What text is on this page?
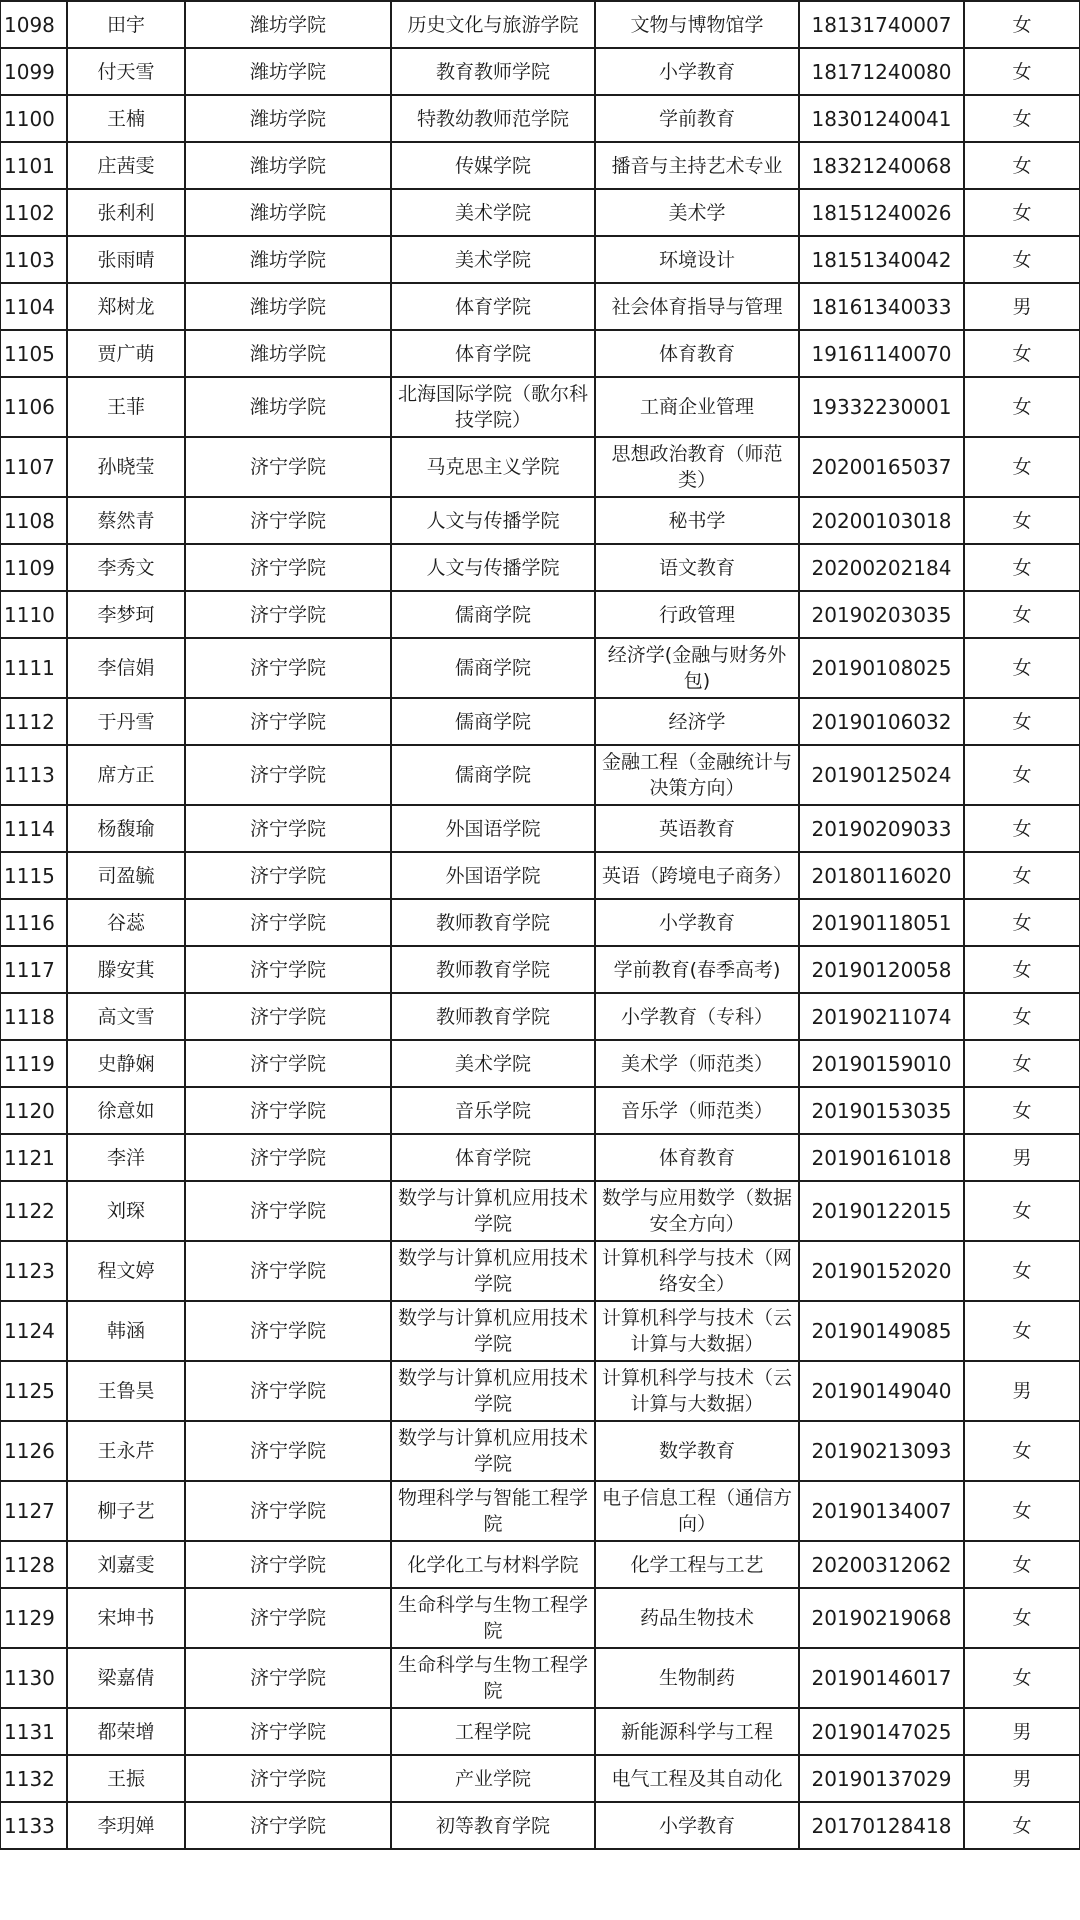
1098	田宇	潍坊学院	历史文化与旅游学院	文物与博物馆学	18131740007	女
1099	付天雪	潍坊学院	教育教师学院	小学教育	18171240080	女
1100	王楠	潍坊学院	特教幼教师范学院	学前教育	18301240041	女
1101	庄茜雯	潍坊学院	传媒学院	播音与主持艺术专业	18321240068	女
1102	张利利	潍坊学院	美术学院	美术学	18151240026	女
1103	张雨晴	潍坊学院	美术学院	环境设计	18151340042	女
1104	郑树龙	潍坊学院	体育学院	社会体育指导与管理	18161340033	男
1105	贾广萌	潍坊学院	体育学院	体育教育	19161140070	女
1106	王菲	潍坊学院	北海国际学院（歌尔科技学院）	工商企业管理	19332230001	女
1107	孙晓莹	济宁学院	马克思主义学院	思想政治教育（师范类）	20200165037	女
1108	蔡然青	济宁学院	人文与传播学院	秘书学	20200103018	女
1109	李秀文	济宁学院	人文与传播学院	语文教育	20200202184	女
1110	李梦珂	济宁学院	儒商学院	行政管理	20190203035	女
1111	李信娟	济宁学院	儒商学院	经济学(金融与财务外包)	20190108025	女
1112	于丹雪	济宁学院	儒商学院	经济学	20190106032	女
1113	席方正	济宁学院	儒商学院	金融工程（金融统计与决策方向）	20190125024	女
1114	杨馥瑜	济宁学院	外国语学院	英语教育	20190209033	女
1115	司盈毓	济宁学院	外国语学院	英语（跨境电子商务）	20180116020	女
1116	谷蕊	济宁学院	教师教育学院	小学教育	20190118051	女
1117	滕安萁	济宁学院	教师教育学院	学前教育(春季高考)	20190120058	女
1118	高文雪	济宁学院	教师教育学院	小学教育（专科）	20190211074	女
1119	史静娴	济宁学院	美术学院	美术学（师范类）	20190159010	女
1120	徐意如	济宁学院	音乐学院	音乐学（师范类）	20190153035	女
1121	李洋	济宁学院	体育学院	体育教育	20190161018	男
1122	刘琛	济宁学院	数学与计算机应用技术学院	数学与应用数学（数据安全方向）	20190122015	女
1123	程文婷	济宁学院	数学与计算机应用技术学院	计算机科学与技术（网络安全）	20190152020	女
1124	韩涵	济宁学院	数学与计算机应用技术学院	计算机科学与技术（云计算与大数据）	20190149085	女
1125	王鲁昊	济宁学院	数学与计算机应用技术学院	计算机科学与技术（云计算与大数据）	20190149040	男
1126	王永芹	济宁学院	数学与计算机应用技术学院	数学教育	20190213093	女
1127	柳子艺	济宁学院	物理科学与智能工程学院	电子信息工程（通信方向）	20190134007	女
1128	刘嘉雯	济宁学院	化学化工与材料学院	化学工程与工艺	20200312062	女
1129	宋坤书	济宁学院	生命科学与生物工程学院	药品生物技术	20190219068	女
1130	梁嘉倩	济宁学院	生命科学与生物工程学院	生物制药	20190146017	女
1131	都荣增	济宁学院	工程学院	新能源科学与工程	20190147025	男
1132	王振	济宁学院	产业学院	电气工程及其自动化	20190137029	男
1133	李玥婵	济宁学院	初等教育学院	小学教育	20170128418	女
